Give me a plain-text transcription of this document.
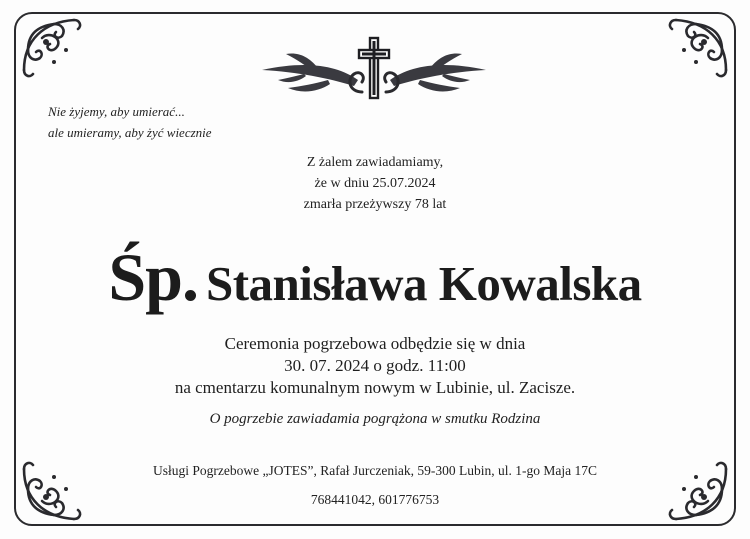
Nie żyjemy, aby umierać...
ale umieramy, aby żyć wiecznie
Z żalem zawiadamiamy,
że w dniu 25.07.2024
zmarła przeżywszy 78 lat
Śp. Stanisława Kowalska
Ceremonia pogrzebowa odbędzie się w dnia
30. 07. 2024 o godz. 11:00
na cmentarzu komunalnym nowym w Lubinie, ul. Zacisze.
O pogrzebie zawiadamia pogrążona w smutku Rodzina
Usługi Pogrzebowe „JOTES”, Rafał Jurczeniak, 59-300 Lubin, ul. 1-go Maja 17C
768441042, 601776753
